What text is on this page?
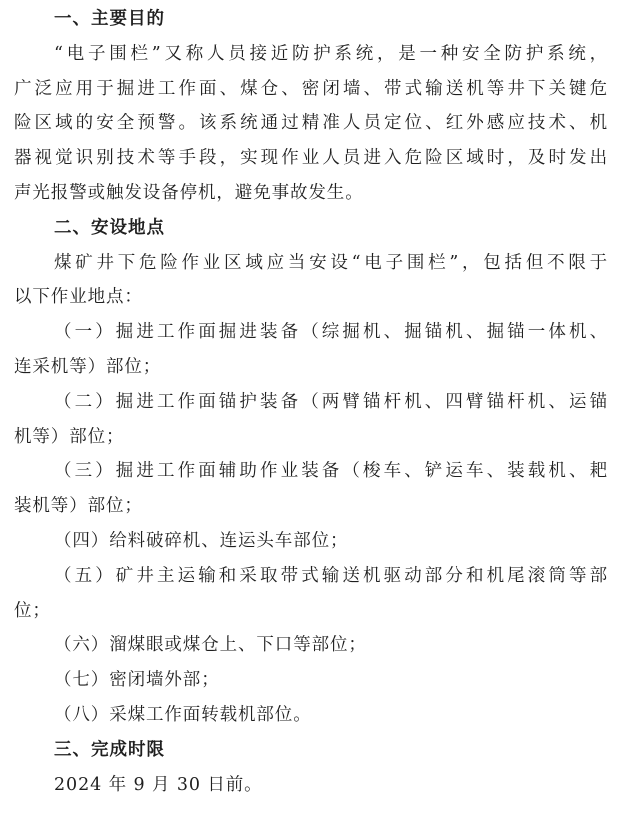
一、主要目的
“电子围栏”又称人员接近防护系统，是一种安全防护系统，
广泛应用于掘进工作面、煤仓、密闭墙、带式输送机等井下关键危
险区域的安全预警。该系统通过精准人员定位、红外感应技术、机
器视觉识别技术等手段，实现作业人员进入危险区域时，及时发出
声光报警或触发设备停机，避免事故发生。
二、安设地点
煤矿井下危险作业区域应当安设“电子围栏”，包括但不限于
以下作业地点：
（一）掘进工作面掘进装备（综掘机、掘锚机、掘锚一体机、
连采机等）部位；
（二）掘进工作面锚护装备（两臂锚杆机、四臂锚杆机、运锚
机等）部位；
（三）掘进工作面辅助作业装备（梭车、铲运车、装载机、耙
装机等）部位；
（四）给料破碎机、连运头车部位；
（五）矿井主运输和采取带式输送机驱动部分和机尾滚筒等部
位；
（六）溜煤眼或煤仓上、下口等部位；
（七）密闭墙外部；
（八）采煤工作面转载机部位。
三、完成时限
2024 年 9 月 30 日前。
